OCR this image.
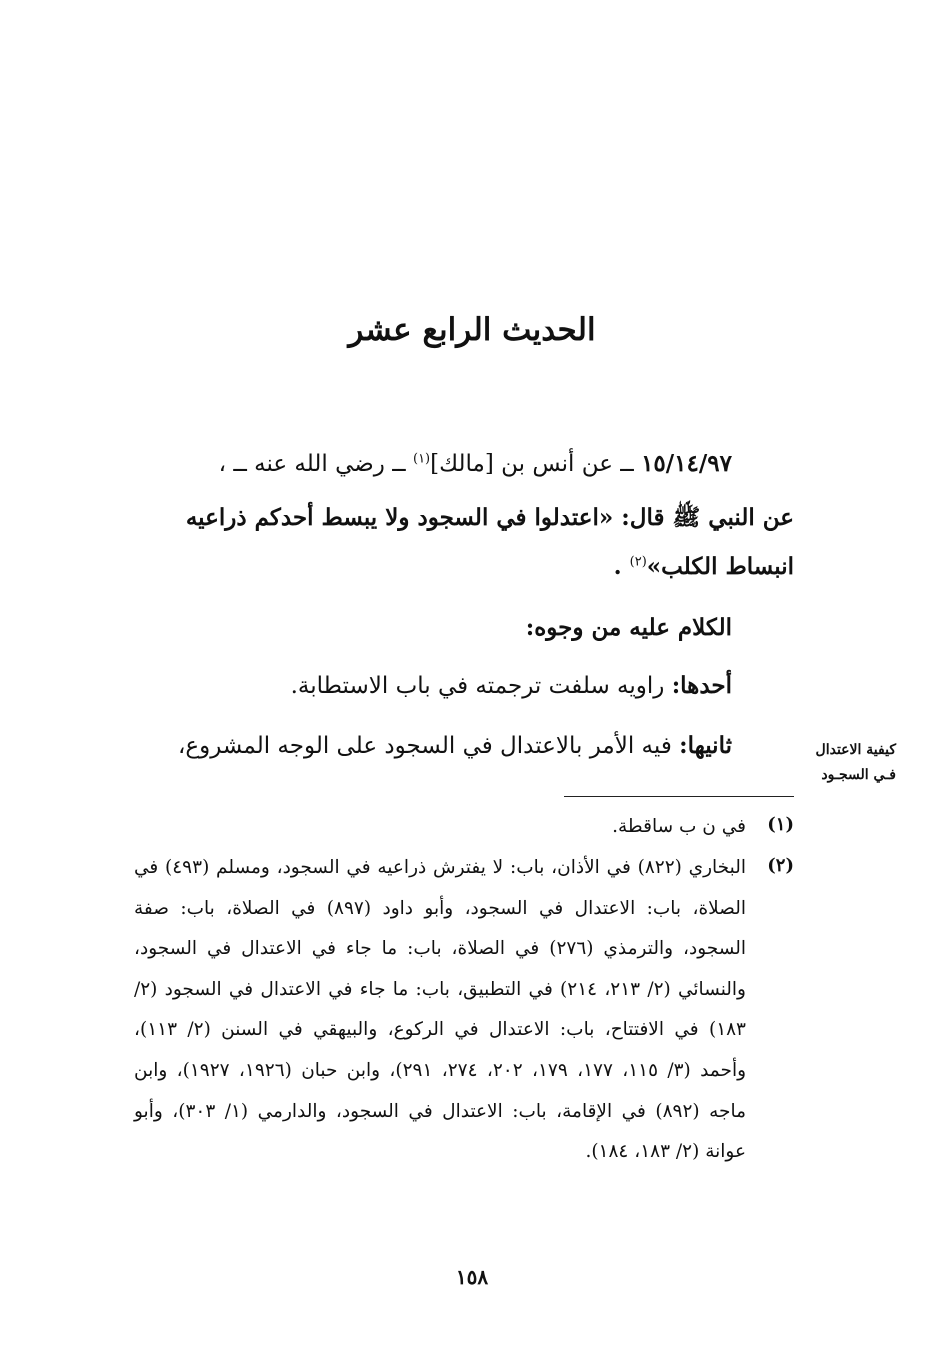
الحديث الرابع عشر
١٥/١٤/٩٧ ــ عن أنس بن [مالك]$^{(١)}$ ــ رضي الله عنه ــ ،
عن النبي ﷺ قال: «اعتدلوا في السجود ولا يبسط أحدكم ذراعيه
انبساط الكلب»$^{(٢)}$ .
الكلام عليه من وجوه:
أحدها: راويه سلفت ترجمته في باب الاستطابة.
ثانيها: فيه الأمر بالاعتدال في السجود على الوجه المشروع،	كيفية الاعتدال
فـي السجـود
(١)
في ن ب ساقطة.
(٢)
البخاري (٨٢٢) في الأذان، باب: لا يفترش ذراعيه في السجود، ومسلم (٤٩٣) في الصلاة، باب: الاعتدال في السجود، وأبو داود (٨٩٧) في الصلاة، باب: صفة السجود، والترمذي (٢٧٦) في الصلاة، باب: ما جاء في الاعتدال في السجود، والنسائي (٢/ ٢١٣، ٢١٤) في التطبيق، باب: ما جاء في الاعتدال في السجود (٢/ ١٨٣) في الافتتاح، باب: الاعتدال في الركوع، والبيهقي في السنن (٢/ ١١٣)، وأحمد (٣/ ١١٥، ١٧٧، ١٧٩، ٢٠٢، ٢٧٤، ٢٩١)، وابن حبان (١٩٢٦، ١٩٢٧)، وابن ماجه (٨٩٢) في الإقامة، باب: الاعتدال في السجود، والدارمي (١/ ٣٠٣)، وأبو عوانة (٢/ ١٨٣، ١٨٤).
١٥٨
